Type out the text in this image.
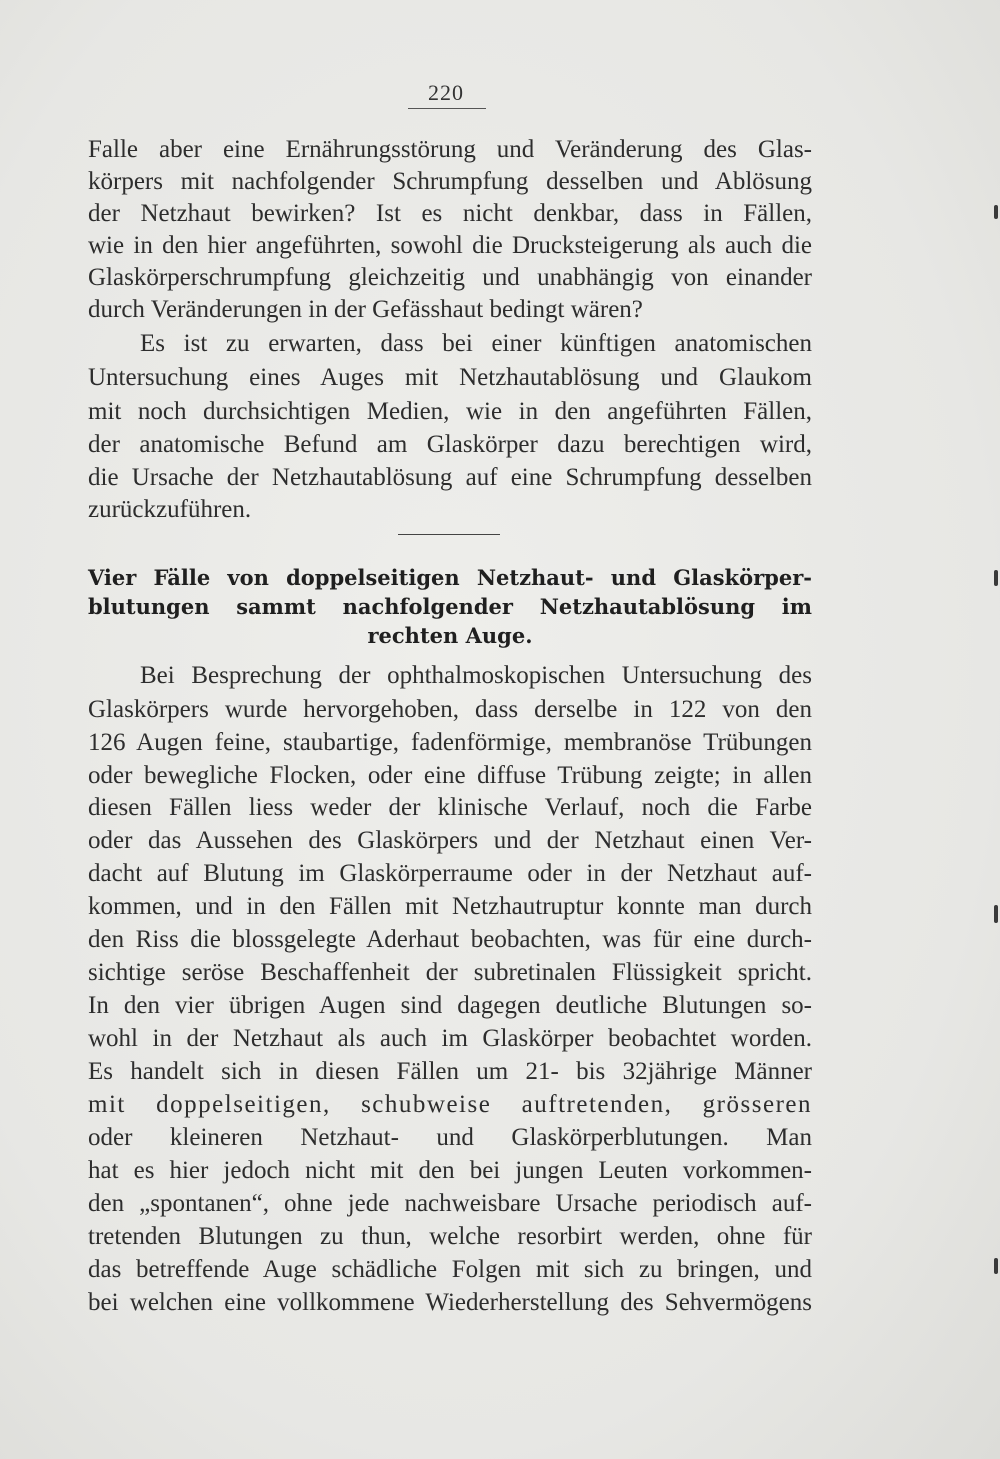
220
Falle aber eine Ernährungsstörung und Veränderung des Glas-
körpers mit nachfolgender Schrumpfung desselben und Ablösung
der Netzhaut bewirken? Ist es nicht denkbar, dass in Fällen,
wie in den hier angeführten, sowohl die Drucksteigerung als auch die
Glaskörperschrumpfung gleichzeitig und unabhängig von einander
durch Veränderungen in der Gefässhaut bedingt wären?
Es ist zu erwarten, dass bei einer künftigen anatomischen
Untersuchung eines Auges mit Netzhautablösung und Glaukom
mit noch durchsichtigen Medien, wie in den angeführten Fällen,
der anatomische Befund am Glaskörper dazu berechtigen wird,
die Ursache der Netzhautablösung auf eine Schrumpfung desselben
zurückzuführen.
Vier Fälle von doppelseitigen Netzhaut- und Glaskörper-
blutungen sammt nachfolgender Netzhautablösung im
rechten Auge.
Bei Besprechung der ophthalmoskopischen Untersuchung des
Glaskörpers wurde hervorgehoben, dass derselbe in 122 von den
126 Augen feine, staubartige, fadenförmige, membranöse Trübungen
oder bewegliche Flocken, oder eine diffuse Trübung zeigte; in allen
diesen Fällen liess weder der klinische Verlauf, noch die Farbe
oder das Aussehen des Glaskörpers und der Netzhaut einen Ver-
dacht auf Blutung im Glaskörperraume oder in der Netzhaut auf-
kommen, und in den Fällen mit Netzhautruptur konnte man durch
den Riss die blossgelegte Aderhaut beobachten, was für eine durch-
sichtige seröse Beschaffenheit der subretinalen Flüssigkeit spricht.
In den vier übrigen Augen sind dagegen deutliche Blutungen so-
wohl in der Netzhaut als auch im Glaskörper beobachtet worden.
Es handelt sich in diesen Fällen um 21- bis 32jährige Männer
mit doppelseitigen, schubweise auftretenden, grösseren
oder kleineren Netzhaut- und Glaskörperblutungen. Man
hat es hier jedoch nicht mit den bei jungen Leuten vorkommen-
den „spontanen“, ohne jede nachweisbare Ursache periodisch auf-
tretenden Blutungen zu thun, welche resorbirt werden, ohne für
das betreffende Auge schädliche Folgen mit sich zu bringen, und
bei welchen eine vollkommene Wiederherstellung des Sehvermögens
